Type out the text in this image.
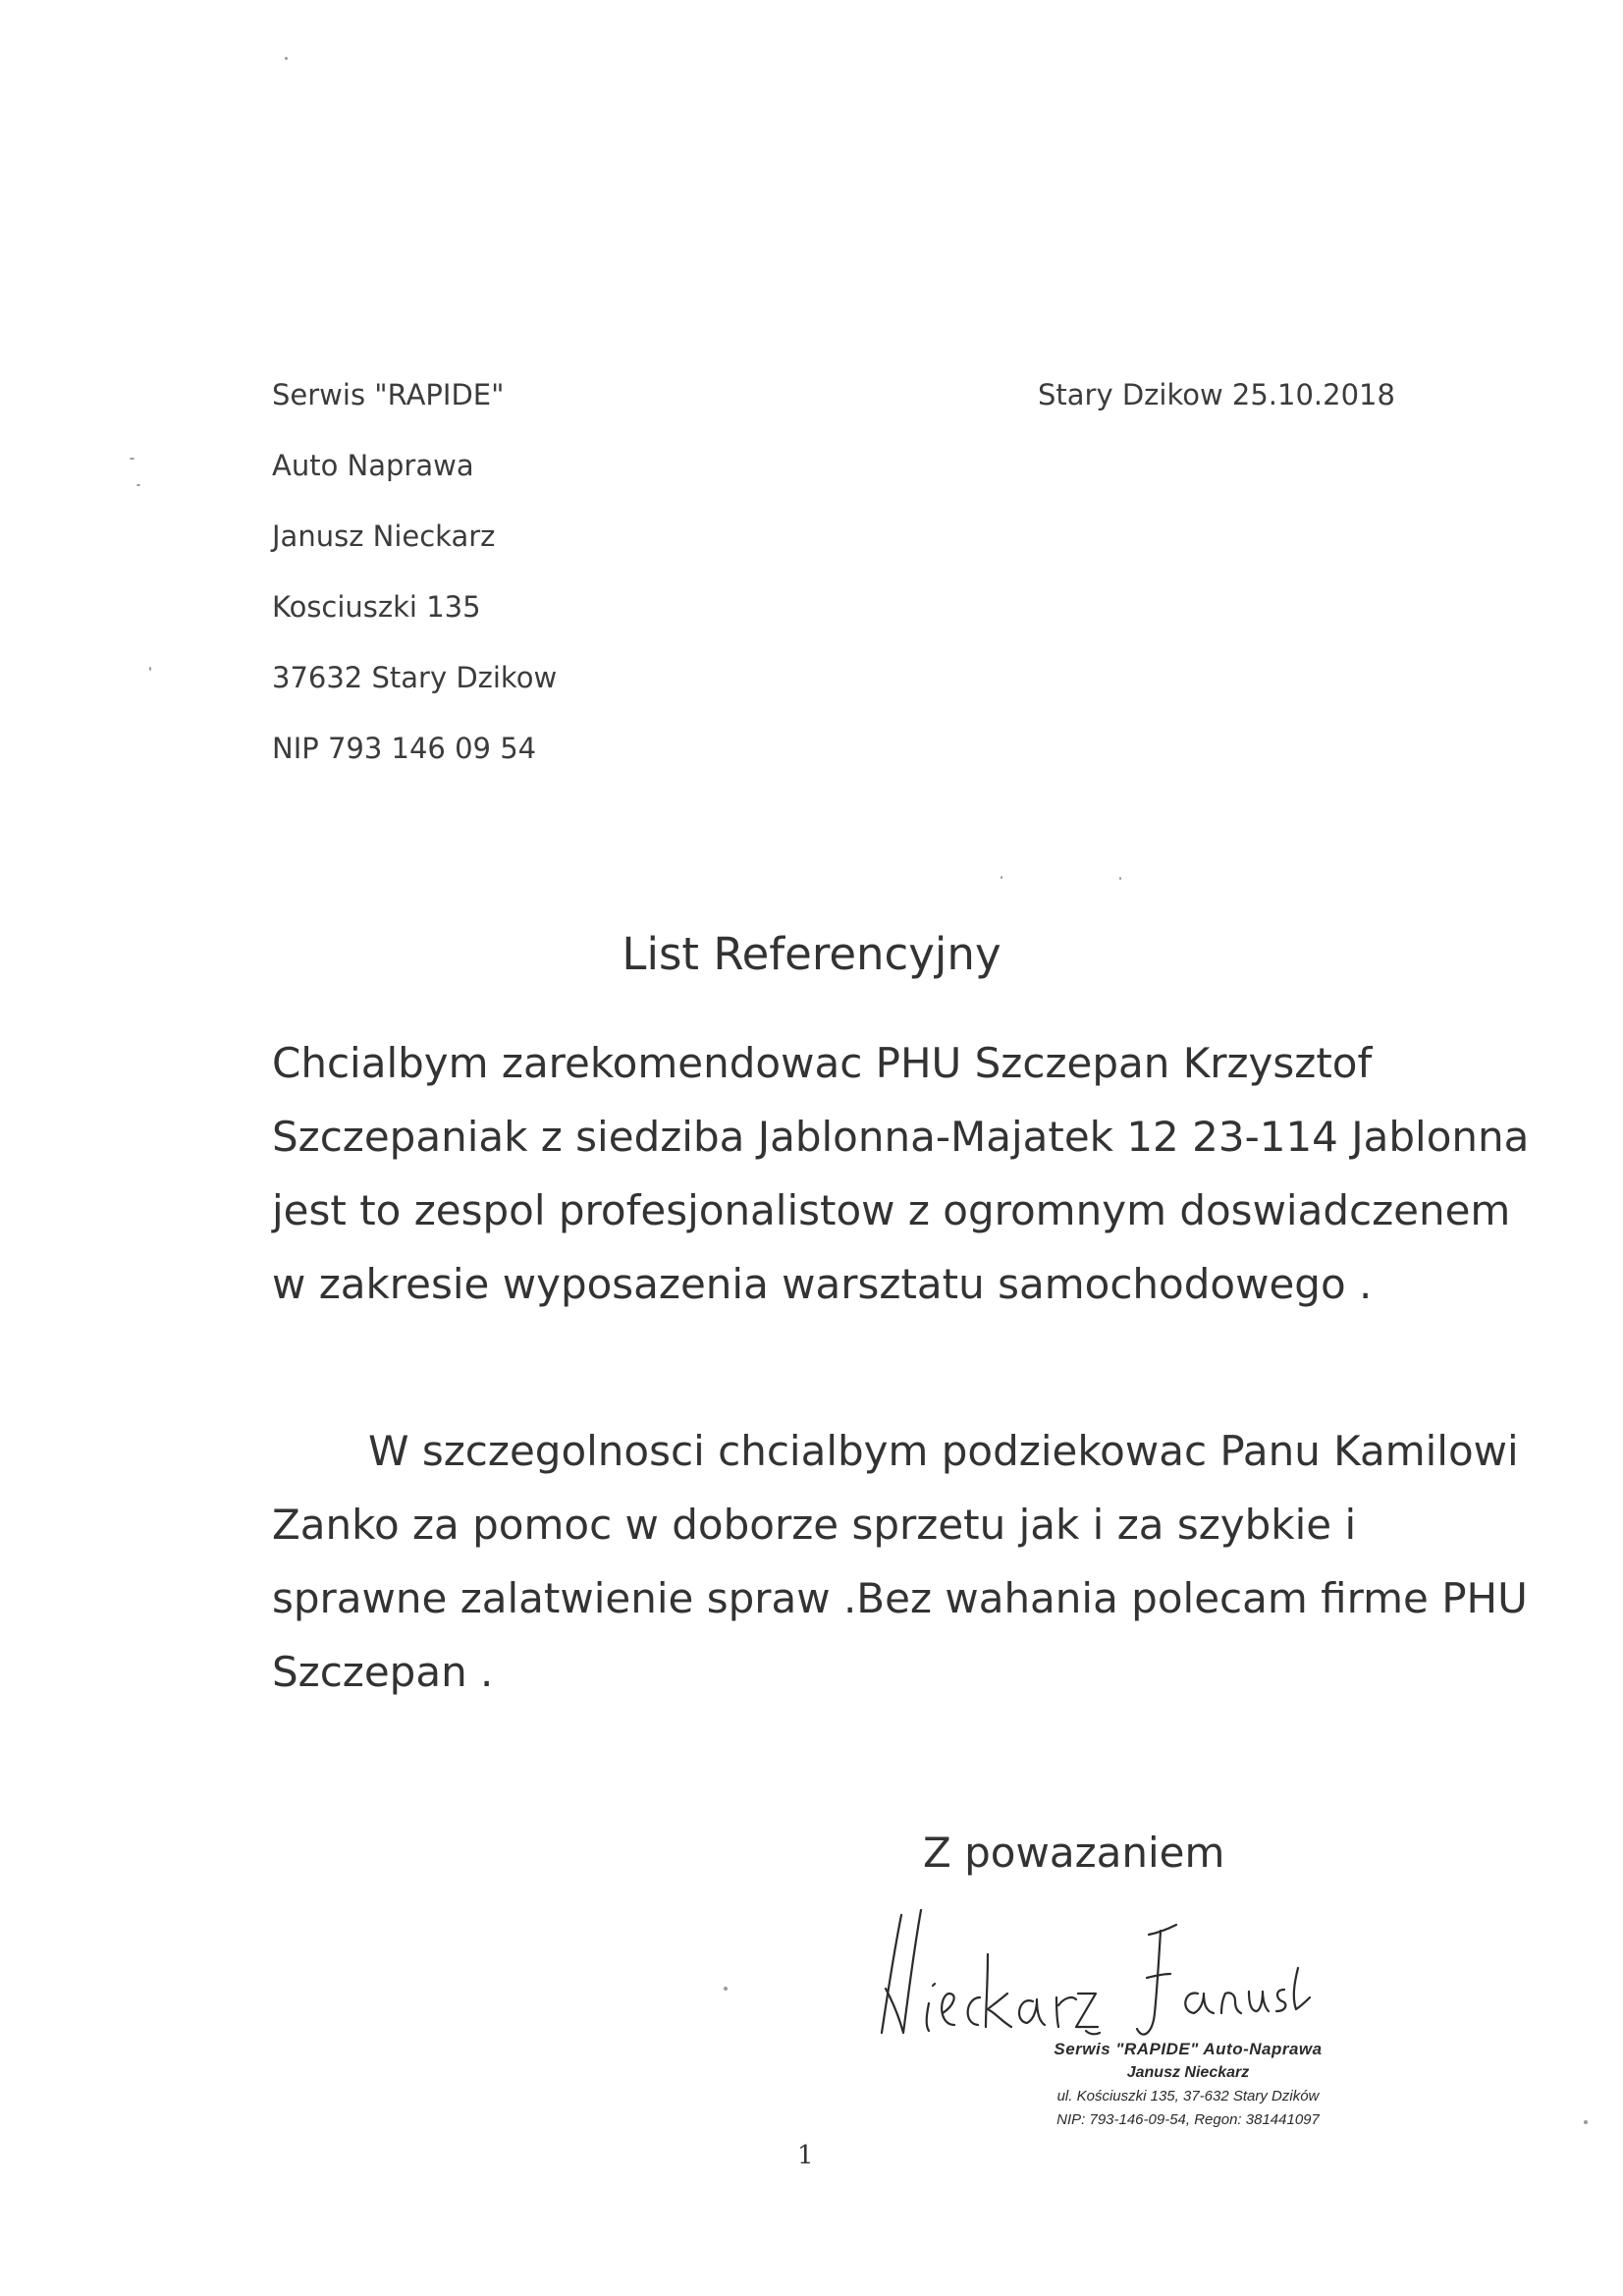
Serwis "RAPIDE"
Auto Naprawa
Janusz Nieckarz
Kosciuszki 135
37632 Stary Dzikow
NIP 793 146 09 54
Stary Dzikow 25.10.2018
List Referencyjny

Chcialbym zarekomendowac PHU Szczepan Krzysztof Szczepaniak z siedziba Jablonna-Majatek 12 23-114 Jablonna jest to zespol profesjonalistow z ogromnym doswiadczenem w zakresie wyposazenia warsztatu samochodowego .

W szczegolnosci chcialbym podziekowac Panu Kamilowi Zanko za pomoc w doborze sprzetu jak i za szybkie i sprawne zalatwienie spraw .Bez wahania polecam firme PHU Szczepan .

Z powazaniem
Serwis "RAPIDE" Auto-Naprawa
Janusz Nieckarz
ul. Kościuszki 135, 37-632 Stary Dzików
NIP: 793-146-09-54, Regon: 381441097
1
